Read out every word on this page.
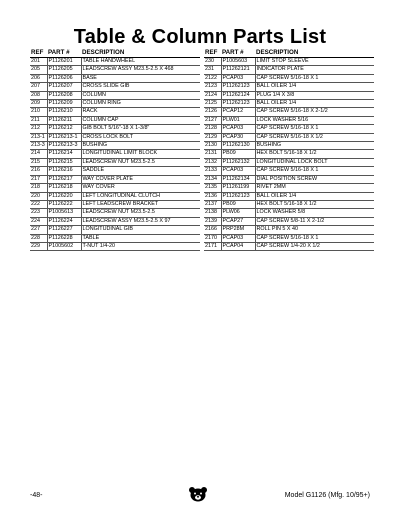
Table & Column Parts List
REF	PART #	DESCRIPTION
201	P1126201	TABLE HANDWHEEL
205	P1126205	LEADSCREW ASSY M23.5-2.5 X 468
206	P1126206	BASE
207	P1126207	CROSS SLIDE GIB
208	P1126208	COLUMN
209	P1126209	COLUMN RING
210	P1126210	RACK
211	P1126211	COLUMN CAP
212	P1126212	GIB BOLT 5/16"-18 X 1-3/8"
213-1	P1126213-1	CROSS LOCK BOLT
213-3	P1126213-3	BUSHING
214	P1126214	LONGITUDINAL LIMIT BLOCK
215	P1126215	LEADSCREW NUT M23.5-2.5
216	P1126216	SADDLE
217	P1126217	WAY COVER PLATE
218	P1126218	WAY COVER
220	P1126220	LEFT LONGITUDINAL CLUTCH
222	P1126222	LEFT LEADSCREW BRACKET
223	P1005613	LEADSCREW NUT M23.5-2.5
224	P1126224	LEADSCREW ASSY M23.5-2.5 X 97
227	P1126227	LONGITUDINAL GIB
228	P1126228	TABLE
229	P1005602	T-NUT 1/4-20
REF	PART #	DESCRIPTION
230	P1005603	LIMIT STOP SLEEVE
231	P11262121	INDICATOR PLATE
2122	PCAP03	CAP SCREW 5/16-18 X 1
2123	P11262123	BALL OILER 1/4
2124	P11262124	PLUG 1/4 X 3/8
2125	P11262123	BALL OILER 1/4
2126	PCAP12	CAP SCREW 5/16-18 X 2-1/2
2127	PLW01	LOCK WASHER 5/16
2128	PCAP03	CAP SCREW 5/16-18 X 1
2129	PCAP30	CAP SCREW 5/16-18 X 1/2
2130	P11262130	BUSHING
2131	PB09	HEX BOLT 5/16-18 X 1/2
2132	P11262132	LONGITUDINAL LOCK BOLT
2133	PCAP03	CAP SCREW 5/16-18 X 1
2134	P11262134	DIAL POSITION SCREW
2135	P11261199	RIVET 2MM
2136	P11262123	BALL OILER 1/4
2137	PB09	HEX BOLT 5/16-18 X 1/2
2138	PLW06	LOCK WASHER 5/8
2139	PCAP27	CAP SCREW 5/8-11 X 2-1/2
2166	PRP28M	ROLL PIN 5 X 40
2170	PCAP03	CAP SCREW 5/16-18 X 1
2171	PCAP04	CAP SCREW 1/4-20 X 1/2
-48-	Model G1126 (Mfg. 10/95+)
